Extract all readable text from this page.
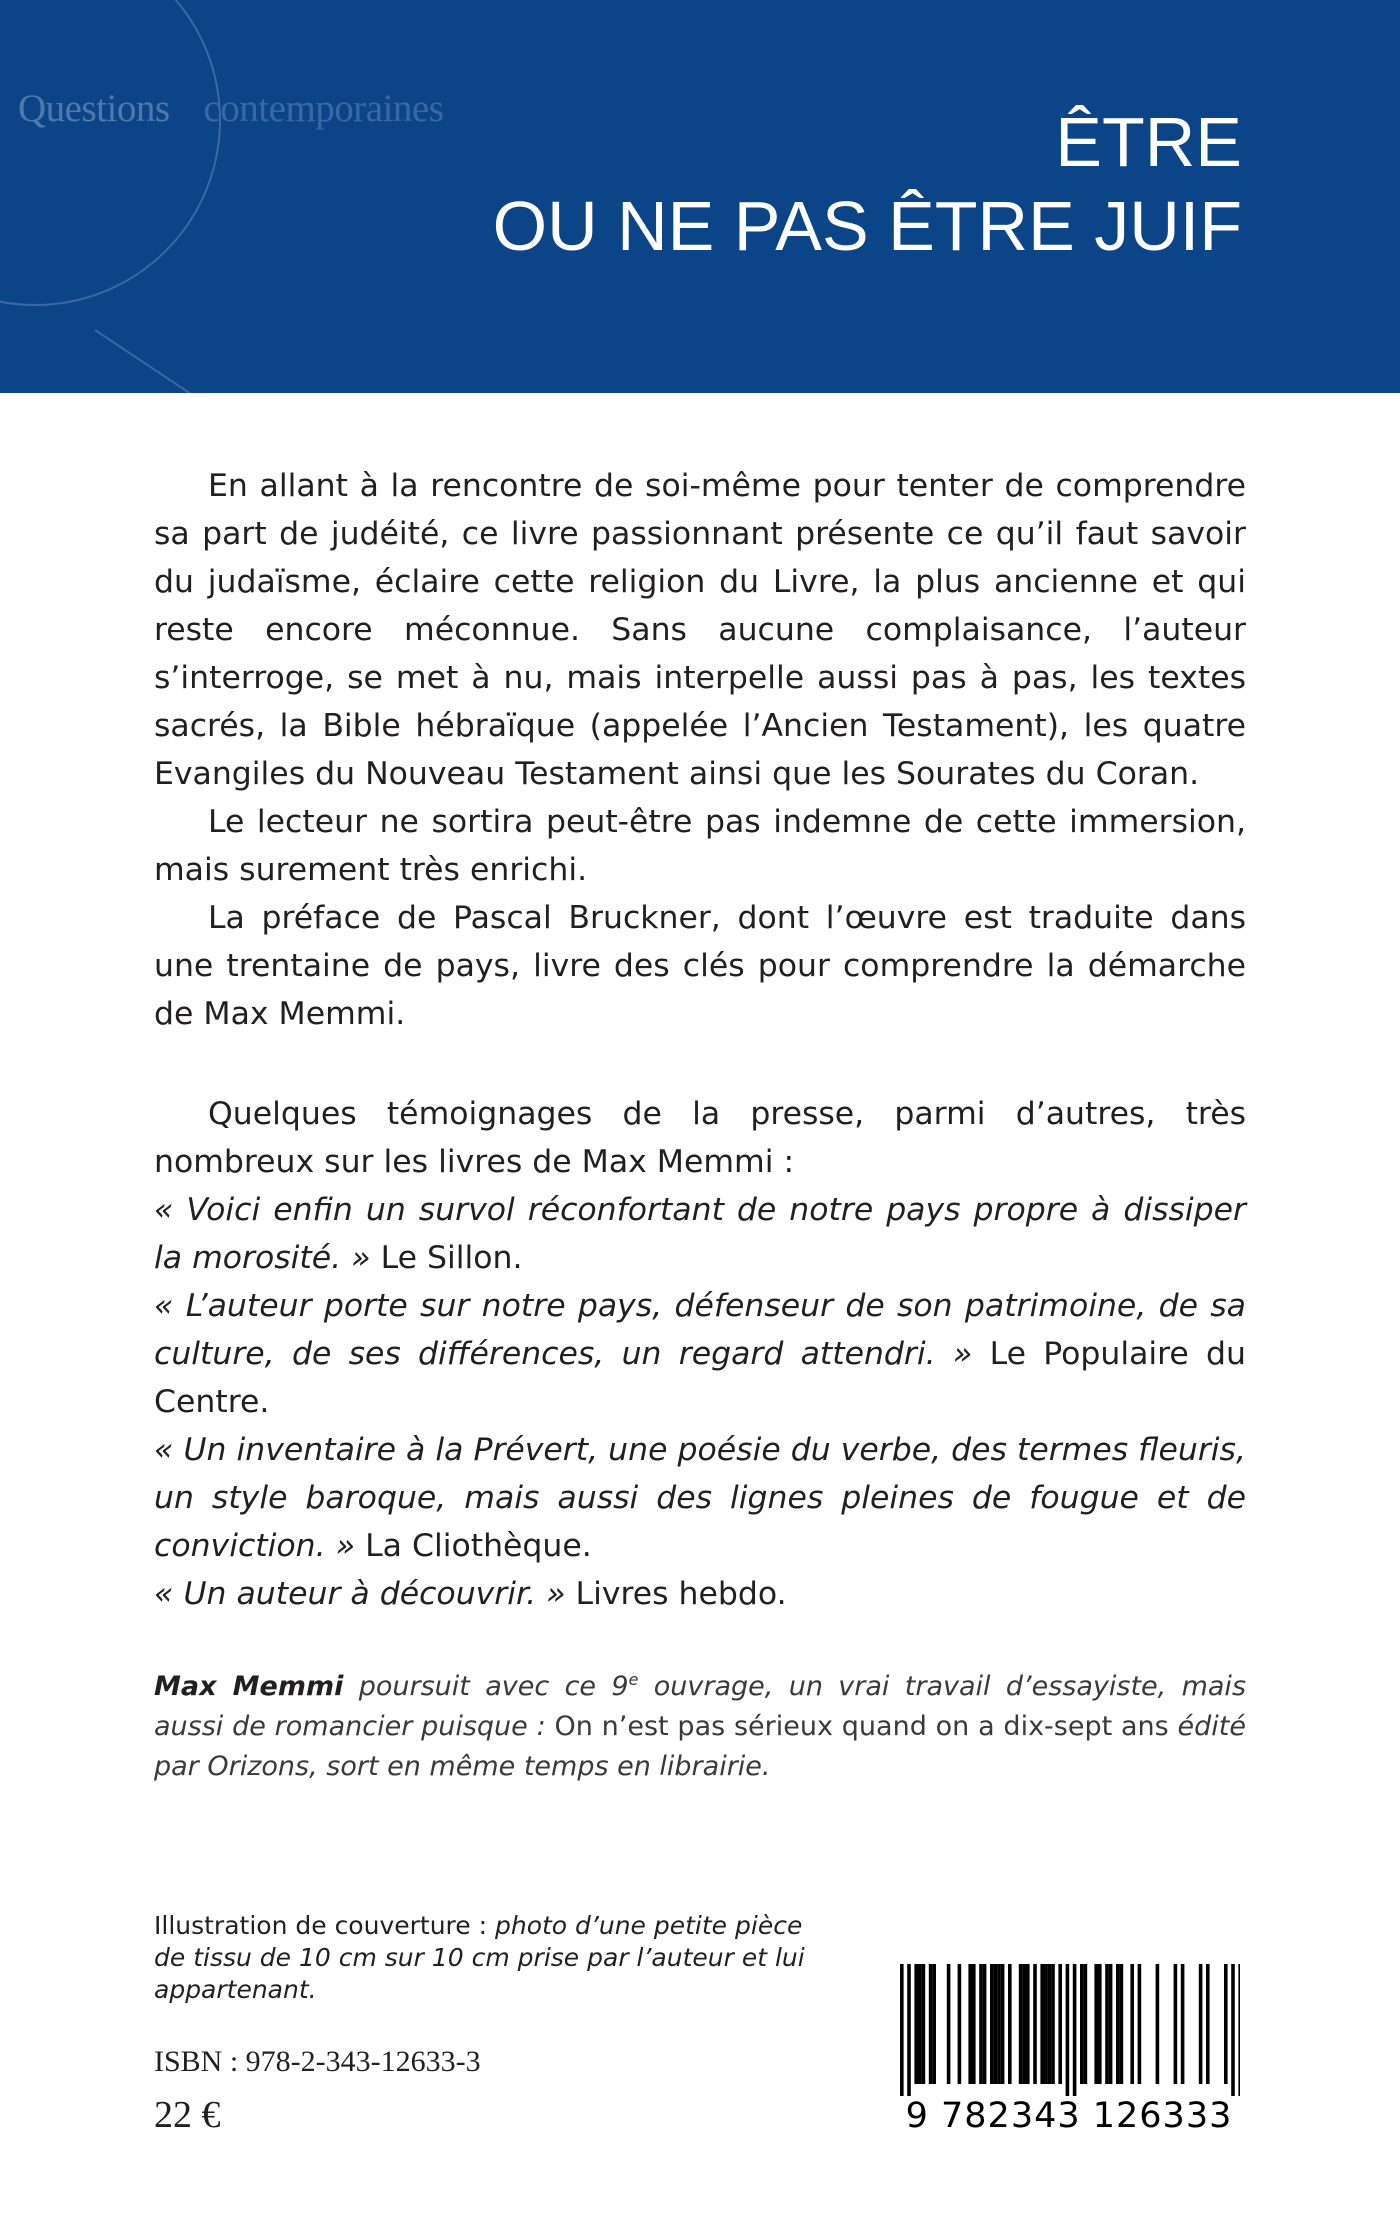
Questions contemporaines	ÊTRE
OU NE PAS ÊTRE JUIF

En allant à la rencontre de soi-même pour tenter de comprendre sa part de judéité, ce livre passionnant présente ce qu’il faut savoir du judaïsme, éclaire cette religion du Livre, la plus ancienne et qui reste encore méconnue. Sans aucune complaisance, l’auteur s’interroge, se met à nu, mais interpelle aussi pas à pas, les textes sacrés, la Bible hébraïque (appelée l’Ancien Testament), les quatre Evangiles du Nouveau Testament ainsi que les Sourates du Coran.

Le lecteur ne sortira peut-être pas indemne de cette immersion, mais surement très enrichi.

La préface de Pascal Bruckner, dont l’œuvre est traduite dans une trentaine de pays, livre des clés pour comprendre la démarche de Max Memmi.

Quelques témoignages de la presse, parmi d’autres, très nombreux sur les livres de Max Memmi :

« Voici enfin un survol réconfortant de notre pays propre à dissiper la morosité. » Le Sillon.

« L’auteur porte sur notre pays, défenseur de son patrimoine, de sa culture, de ses différences, un regard attendri. » Le Populaire du Centre.

« Un inventaire à la Prévert, une poésie du verbe, des termes fleuris, un style baroque, mais aussi des lignes pleines de fougue et de conviction. » La Cliothèque.

« Un auteur à découvrir. » Livres hebdo.

Max Memmi poursuit avec ce 9e ouvrage, un vrai travail d’essayiste, mais aussi de romancier puisque : On n’est pas sérieux quand on a dix-sept ans édité par Orizons, sort en même temps en librairie.
Illustration de couverture : photo d’une petite pièce de tissu de 10 cm sur 10 cm prise par l’auteur et lui appartenant.
ISBN : 978-2-343-12633-3
22 €	9 782343 126333
